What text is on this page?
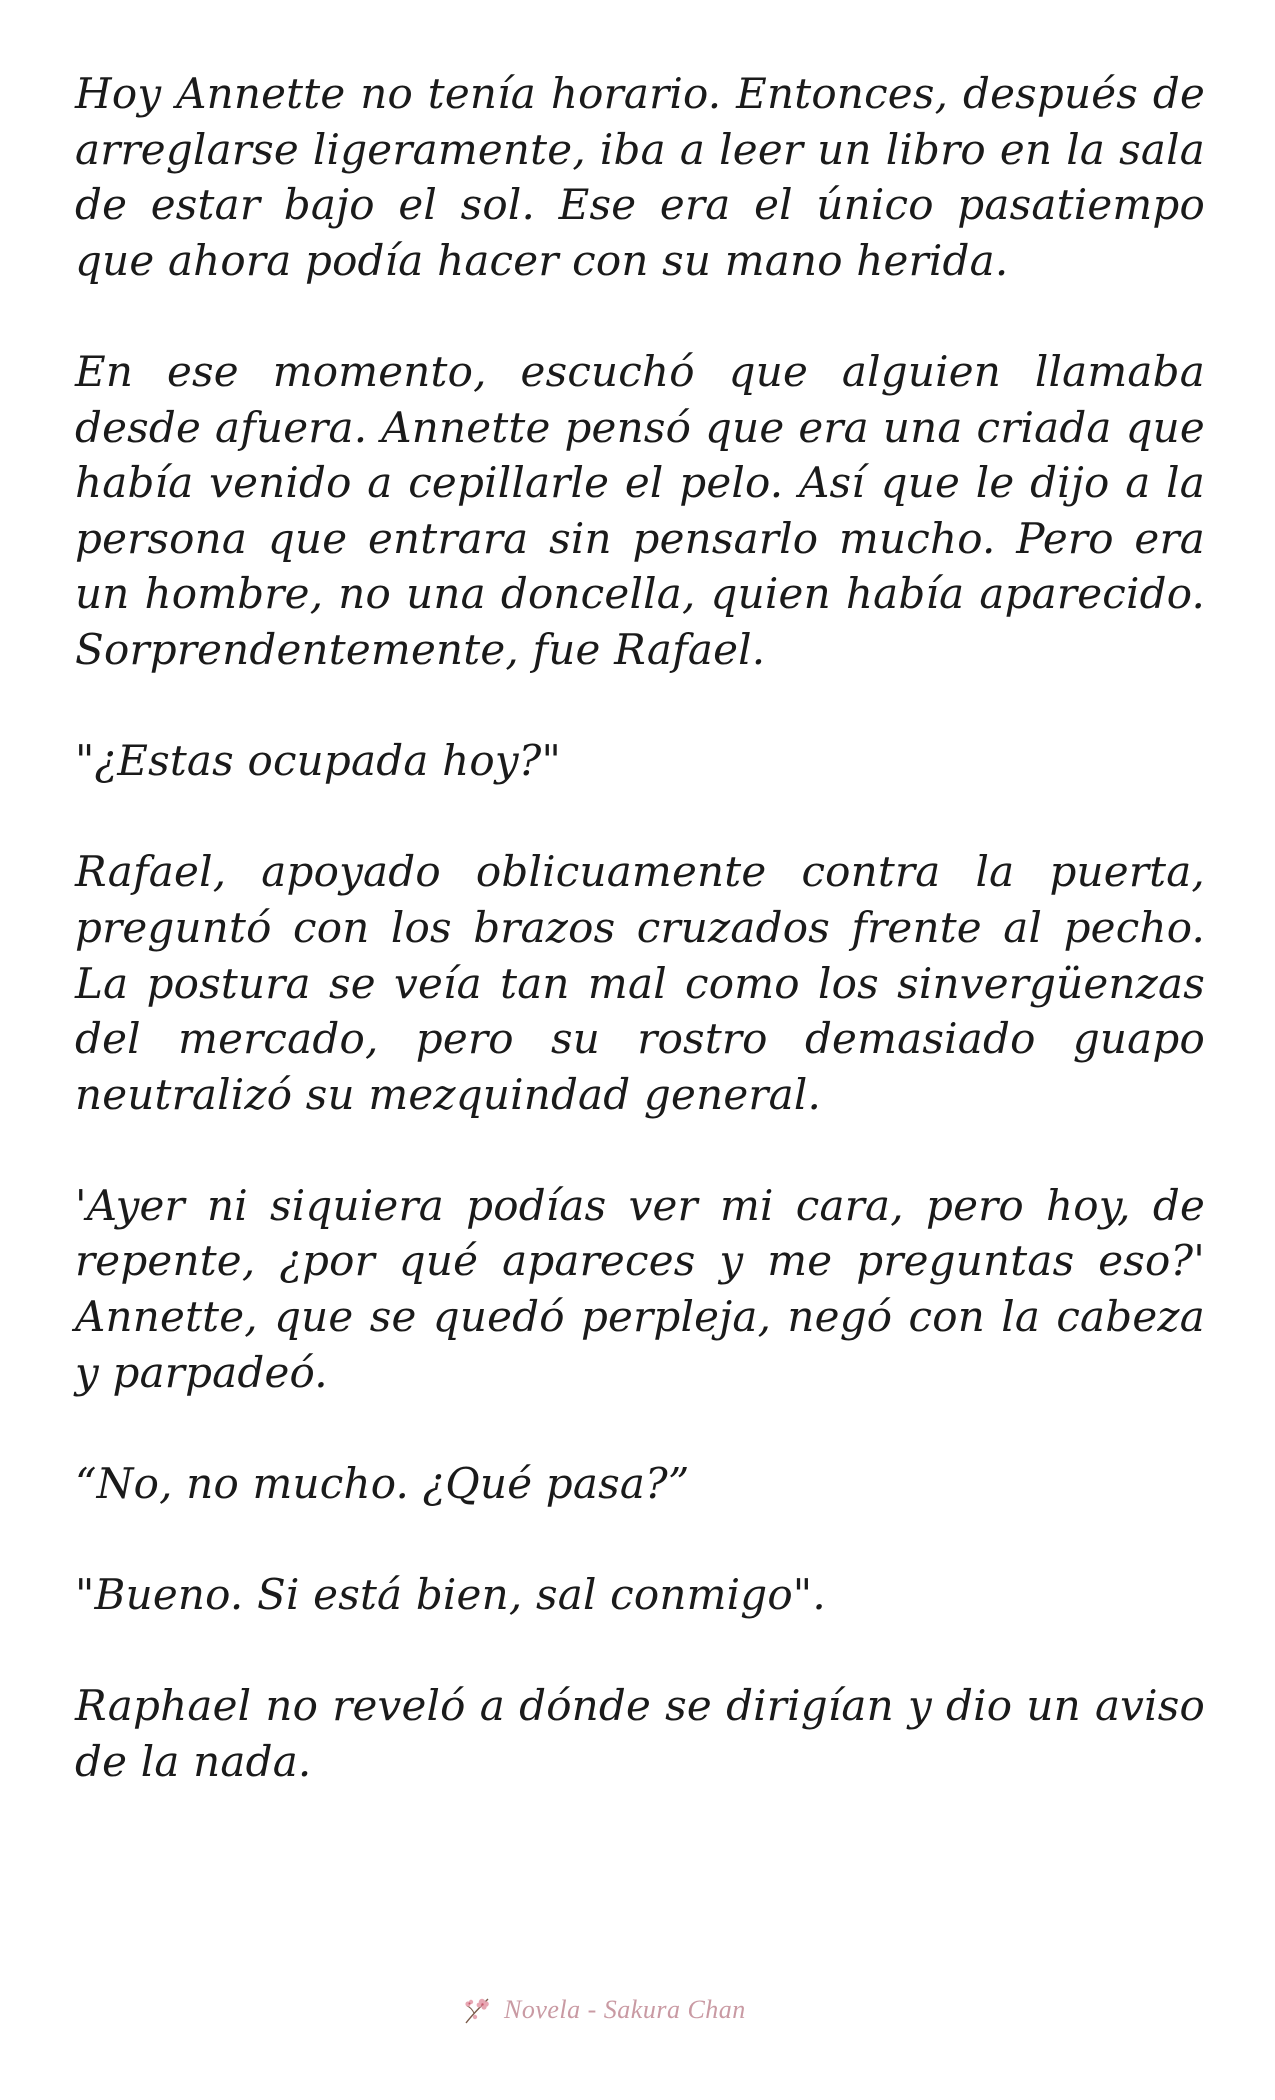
Hoy Annette no tenía horario. Entonces, después de arreglarse ligeramente, iba a leer un libro en la sala de estar bajo el sol. Ese era el único pasatiempo que ahora podía hacer con su mano herida.

En ese momento, escuchó que alguien llamaba desde afuera. Annette pensó que era una criada que había venido a cepillarle el pelo. Así que le dijo a la persona que entrara sin pensarlo mucho. Pero era un hombre, no una doncella, quien había aparecido. Sorprendentemente, fue Rafael.

"¿Estas ocupada hoy?"

Rafael, apoyado oblicuamente contra la puerta, preguntó con los brazos cruzados frente al pecho. La postura se veía tan mal como los sinvergüenzas del mercado, pero su rostro demasiado guapo neutralizó su mezquindad general.

'Ayer ni siquiera podías ver mi cara, pero hoy, de repente, ¿por qué apareces y me preguntas eso?' Annette, que se quedó perpleja, negó con la cabeza y parpadeó.

“No, no mucho. ¿Qué pasa?”

"Bueno. Si está bien, sal conmigo".

Raphael no reveló a dónde se dirigían y dio un aviso de la nada.

Novela - Sakura Chan
